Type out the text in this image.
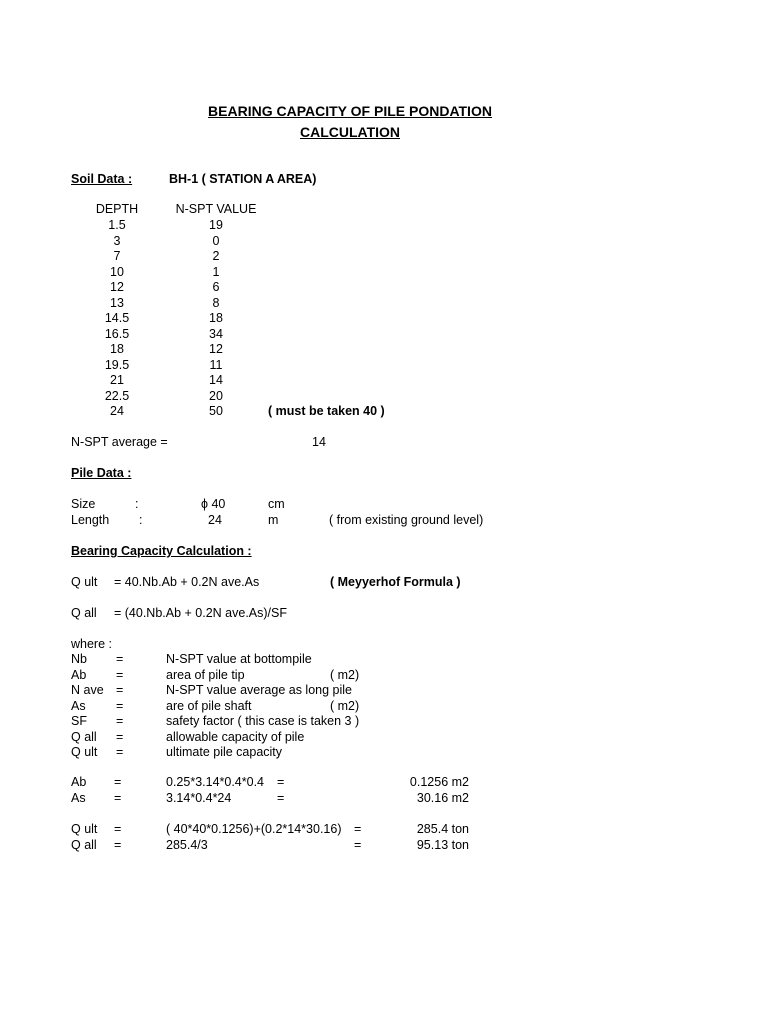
BEARING CAPACITY OF PILE PONDATION
CALCULATION
Soil Data :	BH-1 ( STATION A AREA)
DEPTH	N-SPT VALUE
1.5	19
3	0
7	2
10	1
12	6
13	8
14.5	18
16.5	34
18	12
19.5	11
21	14
22.5	20
24	50	( must be taken 40 )
N-SPT average =	14
Pile Data :
Size	:	ϕ 40	cm
Length :	24	m	( from existing ground level)
Bearing Capacity Calculation :
Q ult = 40.Nb.Ab + 0.2N ave.As	( Meyyerhof Formula )
Q all = (40.Nb.Ab + 0.2N ave.As)/SF
where :
Nb =	N-SPT value at bottompile
Ab =	area of pile tip	( m2)
N ave =	N-SPT value average as long pile
As =	are of pile shaft	( m2)
SF =	safety factor ( this case is taken 3 )
Q all =	allowable capacity of pile
Q ult =	ultimate pile capacity
Ab =	0.25*3.14*0.4*0.4 =	0.1256 m2
As =	3.14*0.4*24	=	30.16 m2
Q ult =	( 40*40*0.1256)+(0.2*14*30.16) =	285.4 ton
Q all =	285.4/3	=	95.13 ton
